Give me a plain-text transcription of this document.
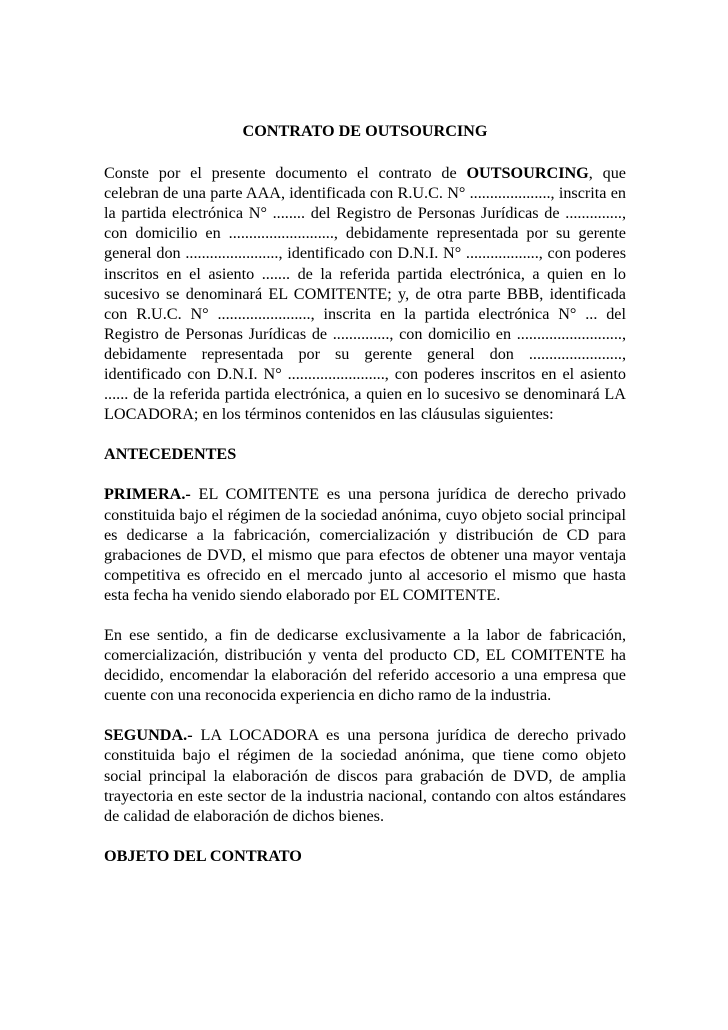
CONTRATO DE OUTSOURCING

Conste por el presente documento el contrato de OUTSOURCING, que celebran de una parte AAA, identificada con R.U.C. N° ...................., inscrita en la partida electrónica N° ........ del Registro de Personas Jurídicas de .............., con domicilio en .........................., debidamente representada por su gerente general don ......................., identificado con D.N.I. N° .................., con poderes inscritos en el asiento ....... de la referida partida electrónica, a quien en lo sucesivo se denominará EL COMITENTE; y, de otra parte BBB, identificada con R.U.C. N° ......................., inscrita en la partida electrónica N° ... del Registro de Personas Jurídicas de .............., con domicilio en .........................., debidamente representada por su gerente general don ......................., identificado con D.N.I. N° ........................, con poderes inscritos en el asiento ...... de la referida partida electrónica, a quien en lo sucesivo se denominará LA LOCADORA; en los términos contenidos en las cláusulas siguientes:

ANTECEDENTES

PRIMERA.- EL COMITENTE es una persona jurídica de derecho privado constituida bajo el régimen de la sociedad anónima, cuyo objeto social principal es dedicarse a la fabricación, comercialización y distribución de CD para grabaciones de DVD, el mismo que para efectos de obtener una mayor ventaja competitiva es ofrecido en el mercado junto al accesorio el mismo que hasta esta fecha ha venido siendo elaborado por EL COMITENTE.

En ese sentido, a fin de dedicarse exclusivamente a la labor de fabricación, comercialización, distribución y venta del producto CD, EL COMITENTE ha decidido, encomendar la elaboración del referido accesorio a una empresa que cuente con una reconocida experiencia en dicho ramo de la industria.

SEGUNDA.- LA LOCADORA es una persona jurídica de derecho privado constituida bajo el régimen de la sociedad anónima, que tiene como objeto social principal la elaboración de discos para grabación de DVD, de amplia trayectoria en este sector de la industria nacional, contando con altos estándares de calidad de elaboración de dichos bienes.

OBJETO DEL CONTRATO
